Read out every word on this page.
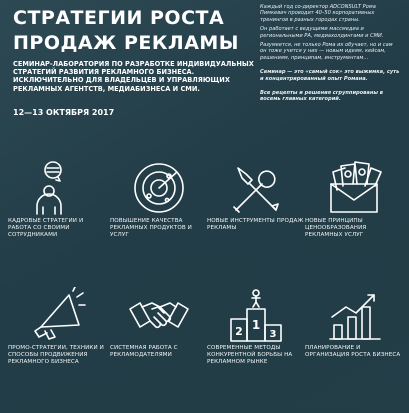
СТРАТЕГИИ РОСТА
ПРОДАЖ РЕКЛАМЫ
СЕМИНАР-ЛАБОРАТОРИЯ ПО РАЗРАБОТКЕ ИНДИВИДУАЛЬНЫХ СТРАТЕГИЙ РАЗВИТИЯ РЕКЛАМНОГО БИЗНЕСА.
ИСКЛЮЧИТЕЛЬНО ДЛЯ ВЛАДЕЛЬЦЕВ И УПРАВЛЯЮЩИХ РЕКЛАМНЫХ АГЕНТСТВ, МЕДИАБИЗНЕСА И СМИ.
12—13 ОКТЯБРЯ 2017

Каждый год со-директор ADCONSULT Рома Пимкевич проводит 40–50 корпоративных тренингов в разных городах страны.

Он работает с ведущими массмедиа и региональными РА, медиахолдингами и СМИ.

Разумеется, не только Рома их обучает, но и сам он тоже учится у них — новым идеям, кейсам, решениям, принципам, инструментам…

Семинар — это «самый сок» это выжимка, суть и концентрированный опыт Романа.

Все рецепты и решения сгруппированы в восемь главных категорий.

КАДРОВЫЕ СТРАТЕГИИ И РАБОТА СО СВОИМИ СОТРУДНИКАМИ
ПОВЫШЕНИЕ КАЧЕСТВА РЕКЛАМНЫХ ПРОДУКТОВ И УСЛУГ
НОВЫЕ ИНСТРУМЕНТЫ ПРОДАЖ РЕКЛАМЫ
НОВЫЕ ПРИНЦИПЫ ЦЕНООБРАЗОВАНИЯ РЕКЛАМНЫХ УСЛУГ
ПРОМО-СТРАТЕГИИ, ТЕХНИКИ И СПОСОБЫ ПРОДВИЖЕНИЯ РЕКЛАМНОГО БИЗНЕСА
СИСТЕМНАЯ РАБОТА С РЕКЛАМОДАТЕЛЯМИ
1
2	3
СОВРЕМЕННЫЕ МЕТОДЫ КОНКУРЕНТНОЙ БОРЬБЫ НА РЕКЛАМНОМ РЫНКЕ
ПЛАНИРОВАНИЕ И ОРГАНИЗАЦИЯ РОСТА БИЗНЕСА
